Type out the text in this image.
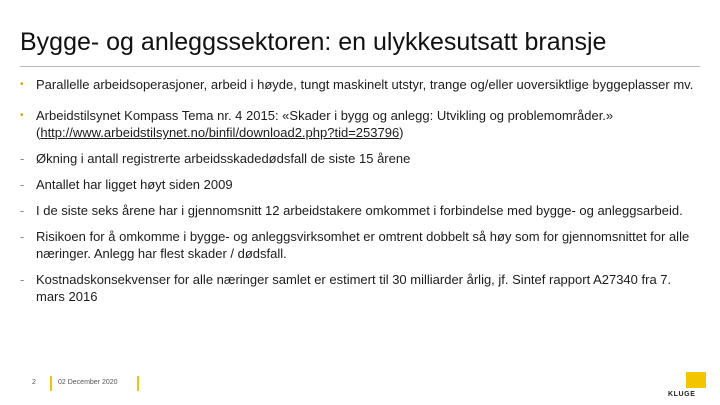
Bygge- og anleggssektoren: en ulykkesutsatt bransje
• Parallelle arbeidsoperasjoner, arbeid i høyde, tungt maskinelt utstyr, trange og/eller uoversiktlige byggeplasser mv.
• Arbeidstilsynet Kompass Tema nr. 4 2015: «Skader i bygg og anlegg: Utvikling og problemområder.» (http://www.arbeidstilsynet.no/binfil/download2.php?tid=253796)
- Økning i antall registrerte arbeidsskadedødsfall de siste 15 årene
- Antallet har ligget høyt siden 2009
- I de siste seks årene har i gjennomsnitt 12 arbeidstakere omkommet i forbindelse med bygge- og anleggsarbeid.
- Risikoen for å omkomme i bygge- og anleggsvirksomhet er omtrent dobbelt så høy som for gjennomsnittet for alle næringer. Anlegg har flest skader / dødsfall.
- Kostnadskonsekvenser for alle næringer samlet er estimert til 30 milliarder årlig, jf. Sintef rapport A27340 fra 7. mars 2016
2	02 December 2020
KLUGE
